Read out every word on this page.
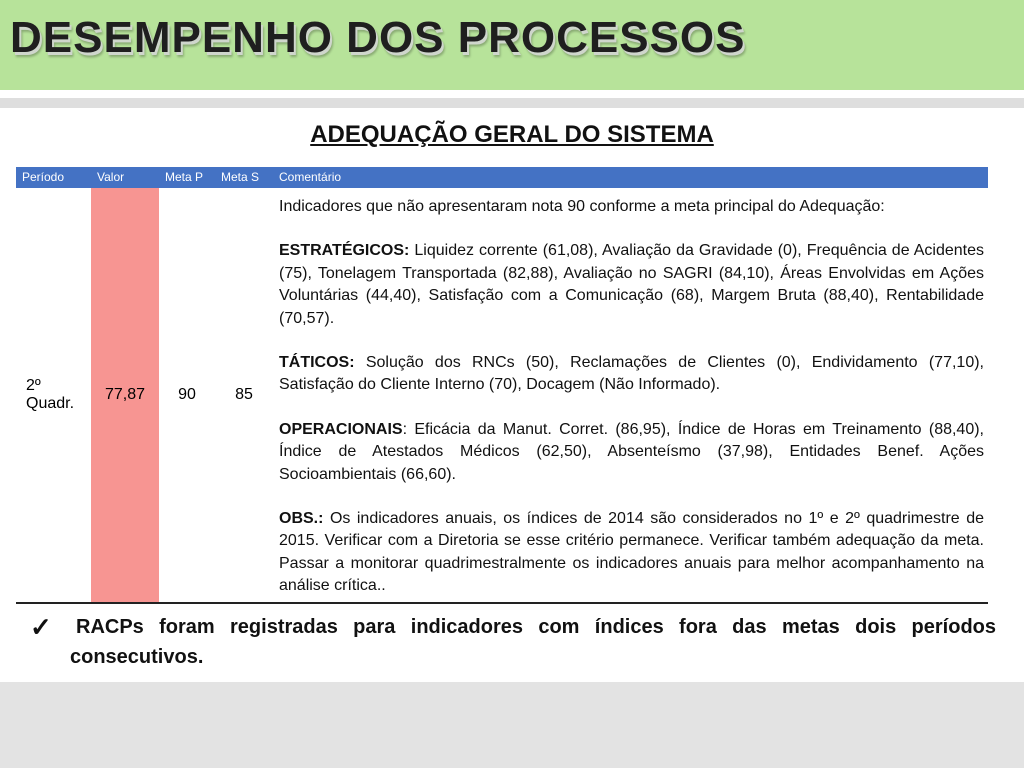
DESEMPENHO DOS PROCESSOS
ADEQUAÇÃO GERAL DO SISTEMA
Período	Valor	Meta P	Meta S	Comentário
2º Quadr.	77,87	90	85	Indicadores que não apresentaram nota 90 conforme a meta principal do Adequação:

ESTRATÉGICOS: Liquidez corrente (61,08), Avaliação da Gravidade (0), Frequência de Acidentes (75), Tonelagem Transportada (82,88), Avaliação no SAGRI (84,10), Áreas Envolvidas em Ações Voluntárias (44,40), Satisfação com a Comunicação (68), Margem Bruta (88,40), Rentabilidade (70,57).

TÁTICOS: Solução dos RNCs (50), Reclamações de Clientes (0), Endividamento (77,10), Satisfação do Cliente Interno (70), Docagem (Não Informado).

OPERACIONAIS: Eficácia da Manut. Corret. (86,95), Índice de Horas em Treinamento (88,40), Índice de Atestados Médicos (62,50), Absenteísmo (37,98), Entidades Benef. Ações Socioambientais (66,60).

OBS.: Os indicadores anuais, os índices de 2014 são considerados no 1º e 2º quadrimestre de 2015. Verificar com a Diretoria se esse critério permanece. Verificar também adequação da meta. Passar a monitorar quadrimestralmente os indicadores anuais para melhor acompanhamento na análise crítica..

✓	RACPs foram registradas para indicadores com índices fora das metas dois períodos consecutivos.
